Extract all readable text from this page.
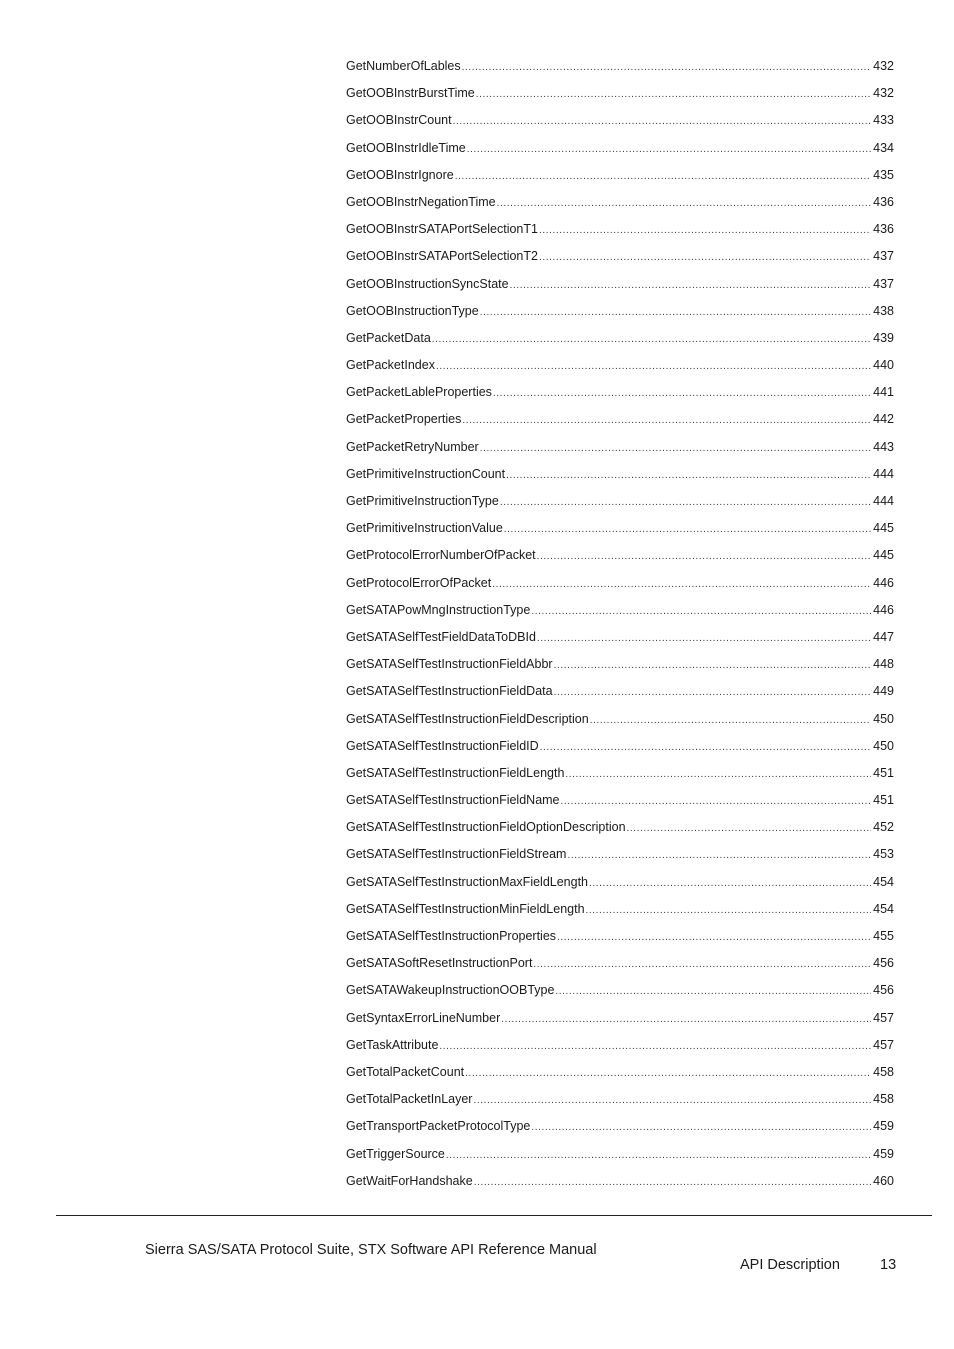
GetNumberOfLables .....	432
GetOOBInstrBurstTime .....	432
GetOOBInstrCount .....	433
GetOOBInstrIdleTime .....	434
GetOOBInstrIgnore .....	435
GetOOBInstrNegationTime .....	436
GetOOBInstrSATAPortSelectionT1 .....	436
GetOOBInstrSATAPortSelectionT2 .....	437
GetOOBInstructionSyncState .....	437
GetOOBInstructionType .....	438
GetPacketData .....	439
GetPacketIndex .....	440
GetPacketLableProperties .....	441
GetPacketProperties .....	442
GetPacketRetryNumber .....	443
GetPrimitiveInstructionCount .....	444
GetPrimitiveInstructionType .....	444
GetPrimitiveInstructionValue .....	445
GetProtocolErrorNumberOfPacket .....	445
GetProtocolErrorOfPacket .....	446
GetSATAPowMngInstructionType .....	446
GetSATASelfTestFieldDataToDBId .....	447
GetSATASelfTestInstructionFieldAbbr .....	448
GetSATASelfTestInstructionFieldData .....	449
GetSATASelfTestInstructionFieldDescription .....	450
GetSATASelfTestInstructionFieldID .....	450
GetSATASelfTestInstructionFieldLength .....	451
GetSATASelfTestInstructionFieldName .....	451
GetSATASelfTestInstructionFieldOptionDescription .....	452
GetSATASelfTestInstructionFieldStream .....	453
GetSATASelfTestInstructionMaxFieldLength .....	454
GetSATASelfTestInstructionMinFieldLength .....	454
GetSATASelfTestInstructionProperties .....	455
GetSATASoftResetInstructionPort .....	456
GetSATAWakeupInstructionOOBType .....	456
GetSyntaxErrorLineNumber .....	457
GetTaskAttribute .....	457
GetTotalPacketCount .....	458
GetTotalPacketInLayer .....	458
GetTransportPacketProtocolType .....	459
GetTriggerSource .....	459
GetWaitForHandshake .....	460
Sierra SAS/SATA Protocol Suite, STX Software API Reference Manual
API Description	13
